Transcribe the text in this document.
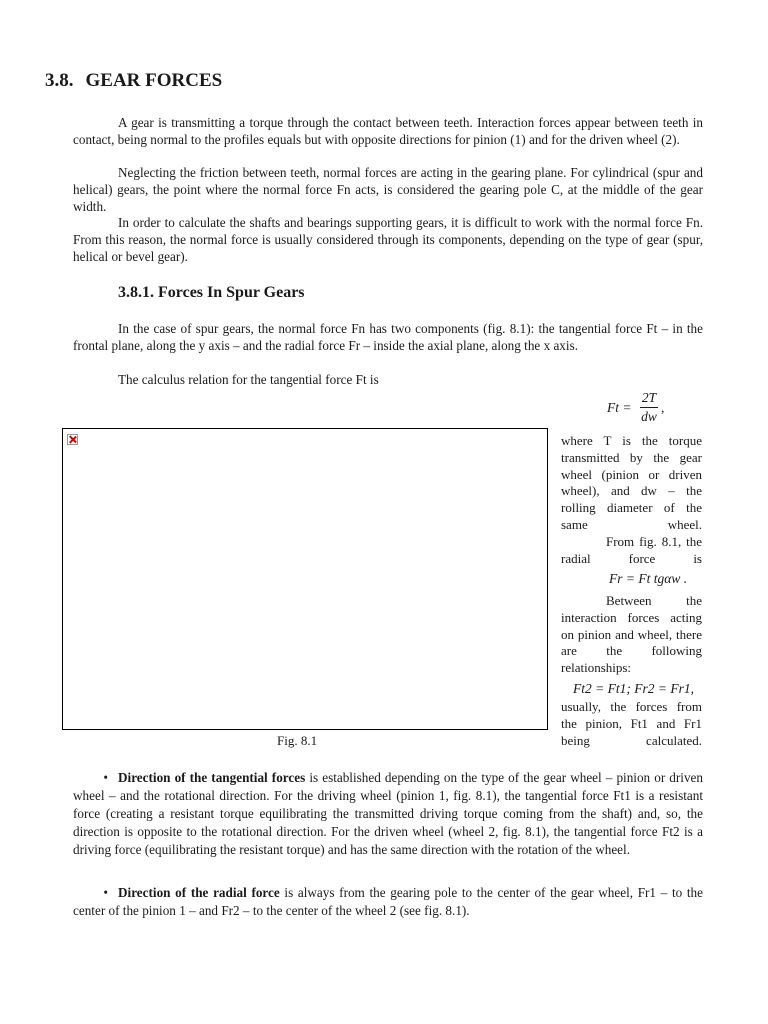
3.8. GEAR FORCES
A gear is transmitting a torque through the contact between teeth. Interaction forces appear between teeth in contact, being normal to the profiles equals but with opposite directions for pinion (1) and for the driven wheel (2).
Neglecting the friction between teeth, normal forces are acting in the gearing plane. For cylindrical (spur and helical) gears, the point where the normal force Fn acts, is considered the gearing pole C, at the middle of the gear width.
In order to calculate the shafts and bearings supporting gears, it is difficult to work with the normal force Fn. From this reason, the normal force is usually considered through its components, depending on the type of gear (spur, helical or bevel gear).
3.8.1. Forces In Spur Gears
In the case of spur gears, the normal force Fn has two components (fig. 8.1): the tangential force Ft – in the frontal plane, along the y axis – and the radial force Fr – inside the axial plane, along the x axis.
The calculus relation for the tangential force Ft is
Ft =
2T
dw
,
Fig. 8.1
where T is the torque transmitted by the gear wheel (pinion or driven wheel), and dw – the rolling diameter of the same wheel.
From fig. 8.1, the radial force is
Fr = Ft tgαw .
Between the interaction forces acting on pinion and wheel, there are the following relationships:
Ft2 = Ft1; Fr2 = Fr1,
usually, the forces from the pinion, Ft1 and Fr1 being calculated.
• Direction of the tangential forces is established depending on the type of the gear wheel – pinion or driven wheel – and the rotational direction. For the driving wheel (pinion 1, fig. 8.1), the tangential force Ft1 is a resistant force (creating a resistant torque equilibrating the transmitted driving torque coming from the shaft) and, so, the direction is opposite to the rotational direction. For the driven wheel (wheel 2, fig. 8.1), the tangential force Ft2 is a driving force (equilibrating the resistant torque) and has the same direction with the rotation of the wheel.
• Direction of the radial force is always from the gearing pole to the center of the gear wheel, Fr1 – to the center of the pinion 1 – and Fr2 – to the center of the wheel 2 (see fig. 8.1).
